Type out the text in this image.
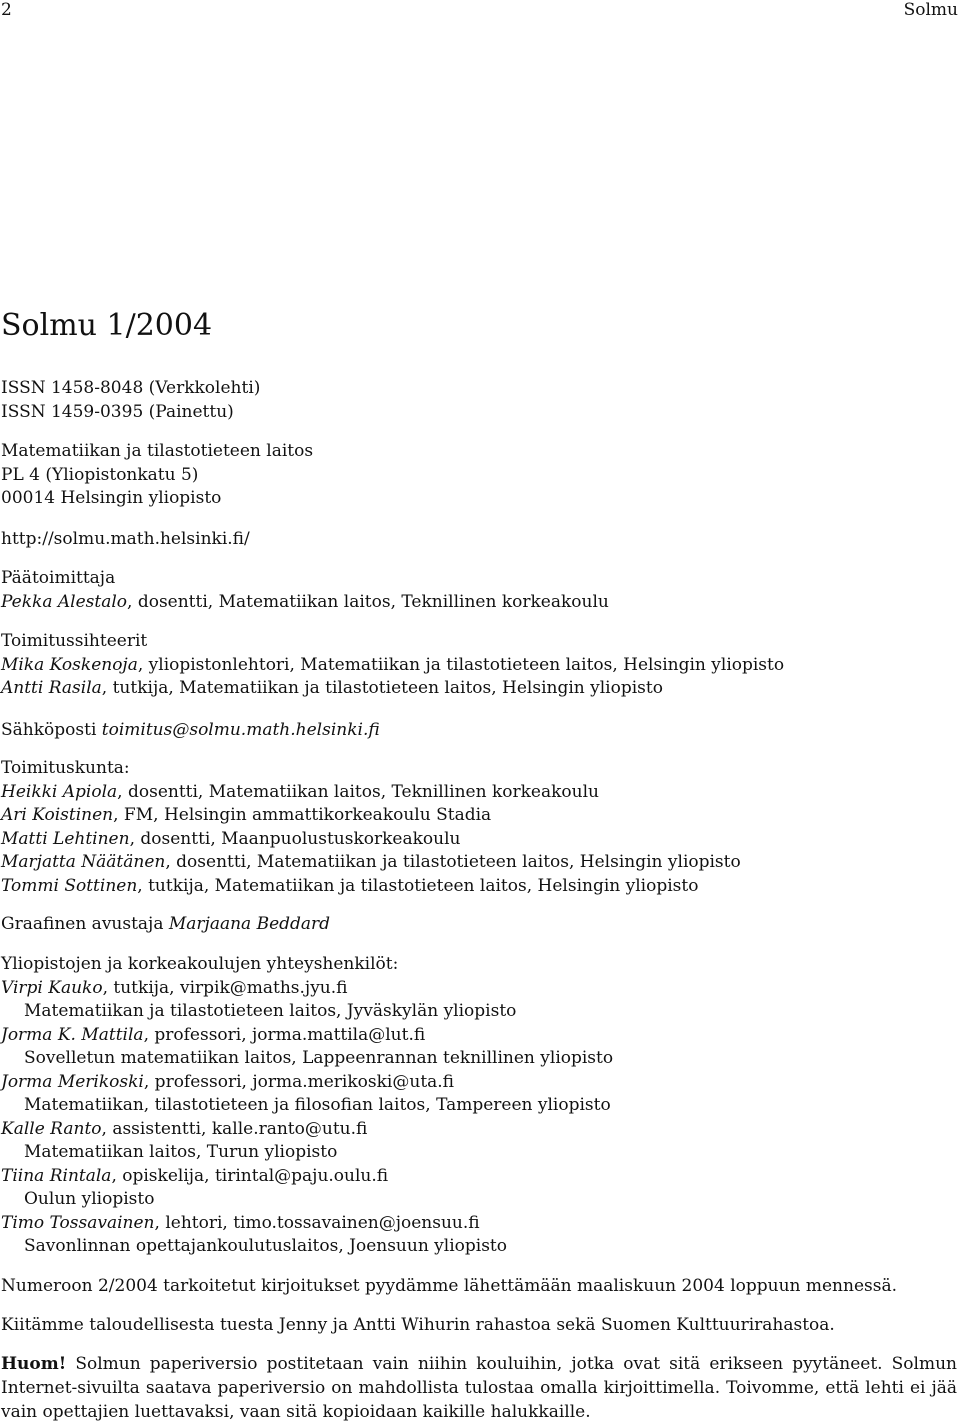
2	Solmu
Solmu 1/2004
ISSN 1458-8048 (Verkkolehti)
ISSN 1459-0395 (Painettu)
Matematiikan ja tilastotieteen laitos
PL 4 (Yliopistonkatu 5)
00014 Helsingin yliopisto
http://solmu.math.helsinki.fi/
Päätoimittaja
Pekka Alestalo, dosentti, Matematiikan laitos, Teknillinen korkeakoulu
Toimitussihteerit
Mika Koskenoja, yliopistonlehtori, Matematiikan ja tilastotieteen laitos, Helsingin yliopisto
Antti Rasila, tutkija, Matematiikan ja tilastotieteen laitos, Helsingin yliopisto
Sähköposti toimitus@solmu.math.helsinki.fi
Toimituskunta:
Heikki Apiola, dosentti, Matematiikan laitos, Teknillinen korkeakoulu
Ari Koistinen, FM, Helsingin ammattikorkeakoulu Stadia
Matti Lehtinen, dosentti, Maanpuolustuskorkeakoulu
Marjatta Näätänen, dosentti, Matematiikan ja tilastotieteen laitos, Helsingin yliopisto
Tommi Sottinen, tutkija, Matematiikan ja tilastotieteen laitos, Helsingin yliopisto
Graafinen avustaja Marjaana Beddard
Yliopistojen ja korkeakoulujen yhteyshenkilöt:
Virpi Kauko, tutkija, virpik@maths.jyu.fi
Matematiikan ja tilastotieteen laitos, Jyväskylän yliopisto
Jorma K. Mattila, professori, jorma.mattila@lut.fi
Sovelletun matematiikan laitos, Lappeenrannan teknillinen yliopisto
Jorma Merikoski, professori, jorma.merikoski@uta.fi
Matematiikan, tilastotieteen ja filosofian laitos, Tampereen yliopisto
Kalle Ranto, assistentti, kalle.ranto@utu.fi
Matematiikan laitos, Turun yliopisto
Tiina Rintala, opiskelija, tirintal@paju.oulu.fi
Oulun yliopisto
Timo Tossavainen, lehtori, timo.tossavainen@joensuu.fi
Savonlinnan opettajankoulutuslaitos, Joensuun yliopisto
Numeroon 2/2004 tarkoitetut kirjoitukset pyydämme lähettämään maaliskuun 2004 loppuun mennessä.
Kiitämme taloudellisesta tuesta Jenny ja Antti Wihurin rahastoa sekä Suomen Kulttuurirahastoa.
Huom! Solmun paperiversio postitetaan vain niihin kouluihin, jotka ovat sitä erikseen pyytäneet. Solmun Internet-sivuilta saatava paperiversio on mahdollista tulostaa omalla kirjoittimella. Toivomme, että lehti ei jää vain opettajien luettavaksi, vaan sitä kopioidaan kaikille halukkaille.
